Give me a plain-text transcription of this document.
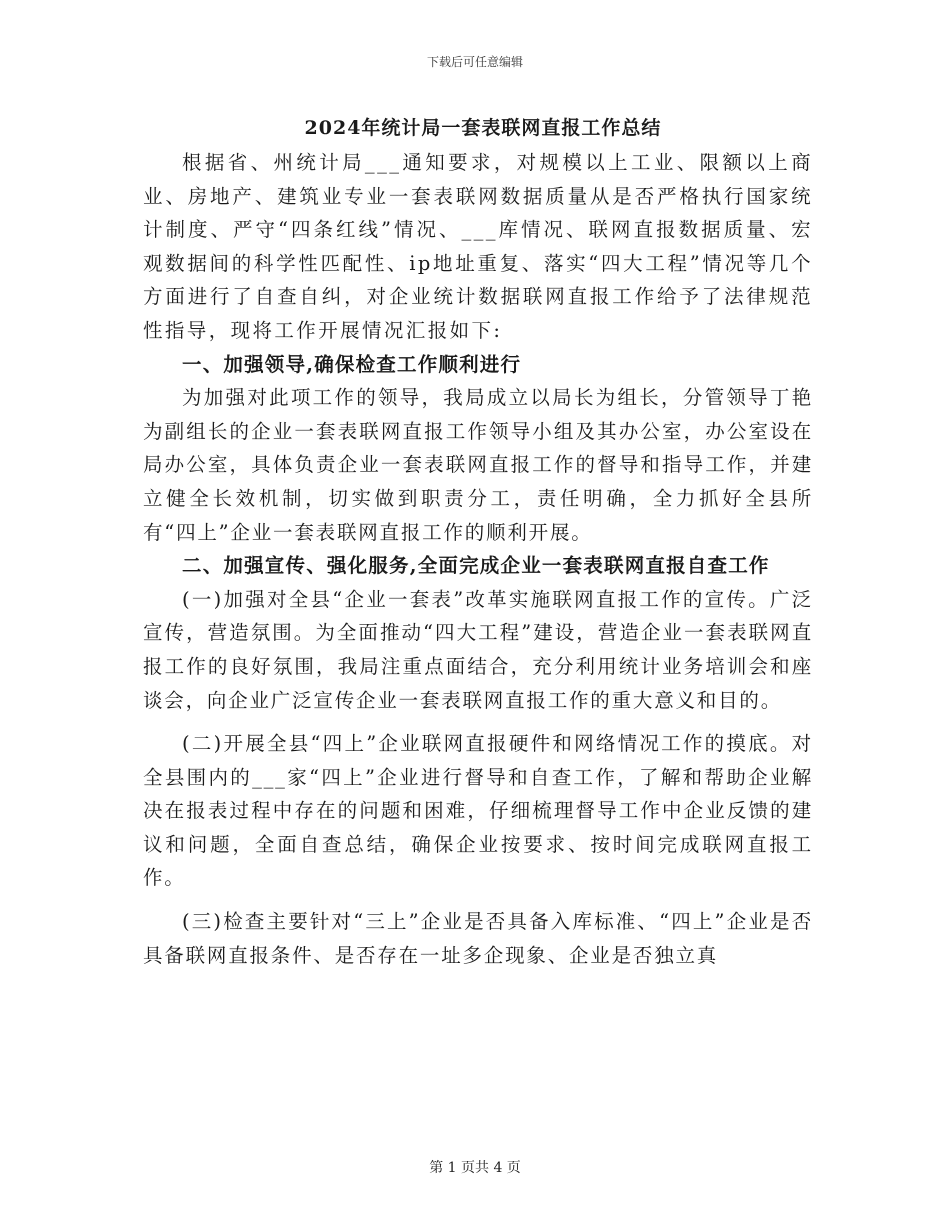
下载后可任意编辑
2024年统计局一套表联网直报工作总结

根据省、州统计局___通知要求，对规模以上工业、限额以上商业、房地产、建筑业专业一套表联网数据质量从是否严格执行国家统计制度、严守“四条红线”情况、___库情况、联网直报数据质量、宏观数据间的科学性匹配性、ip地址重复、落实“四大工程”情况等几个方面进行了自查自纠，对企业统计数据联网直报工作给予了法律规范性指导，现将工作开展情况汇报如下:

一、加强领导,确保检查工作顺利进行

为加强对此项工作的领导，我局成立以局长为组长，分管领导丁艳为副组长的企业一套表联网直报工作领导小组及其办公室，办公室设在局办公室，具体负责企业一套表联网直报工作的督导和指导工作，并建立健全长效机制，切实做到职责分工，责任明确，全力抓好全县所有“四上”企业一套表联网直报工作的顺利开展。

二、加强宣传、强化服务,全面完成企业一套表联网直报自查工作

(一)加强对全县“企业一套表”改革实施联网直报工作的宣传。广泛宣传，营造氛围。为全面推动“四大工程”建设，营造企业一套表联网直报工作的良好氛围，我局注重点面结合，充分利用统计业务培训会和座谈会，向企业广泛宣传企业一套表联网直报工作的重大意义和目的。

(二)开展全县“四上”企业联网直报硬件和网络情况工作的摸底。对全县围内的___家“四上”企业进行督导和自查工作，了解和帮助企业解决在报表过程中存在的问题和困难，仔细梳理督导工作中企业反馈的建议和问题，全面自查总结，确保企业按要求、按时间完成联网直报工作。

(三)检查主要针对“三上”企业是否具备入库标准、“四上”企业是否具备联网直报条件、是否存在一址多企现象、企业是否独立真

第 1 页共 4 页
